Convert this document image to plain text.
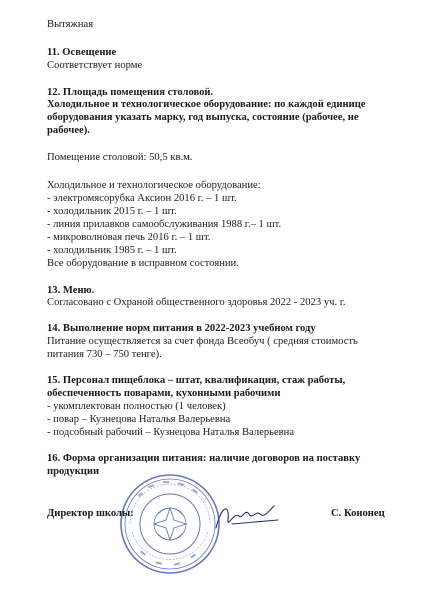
Вытяжная
11. Освещение
Соответствует норме
12. Площадь помещения столовой.
Холодильное и технологическое оборудование: по каждой единице
оборудования указать марку, год выпуска, состояние (рабочее, не
рабочее).
Помещение столовой: 50,5 кв.м.
Холодильное и технологическое оборудование:
- электромясорубка Аксион 2016 г. – 1 шт.
- холодильник 2015 г. – 1 шт.
- линия прилавков самообслуживания 1988 г.– 1 шт.
- микроволновая печь 2016 г. – 1 шт.
- холодильник 1985 г. – 1 шт.
Все оборудование в исправном состоянии.
13. Меню.
Согласовано с Охраной общественного здоровья 2022 - 2023 уч. г.
14. Выполнение норм питания в 2022-2023 учебном году
Питание осуществляется за счет фонда Всеобуч ( средняя стоимость
питания 730 – 750 тенге).
15. Персонал пищеблока – штат, квалификация, стаж работы,
обеспеченность поварами, кухонными рабочими
- укомплектован полностью (1 человек)
- повар – Кузнецова Наталья Валерьевна
- подсобный рабочий – Кузнецова Наталья Валерьевна
16. Форма организации питания: наличие договоров на поставку
продукции
Директор школы:	С. Кононец
